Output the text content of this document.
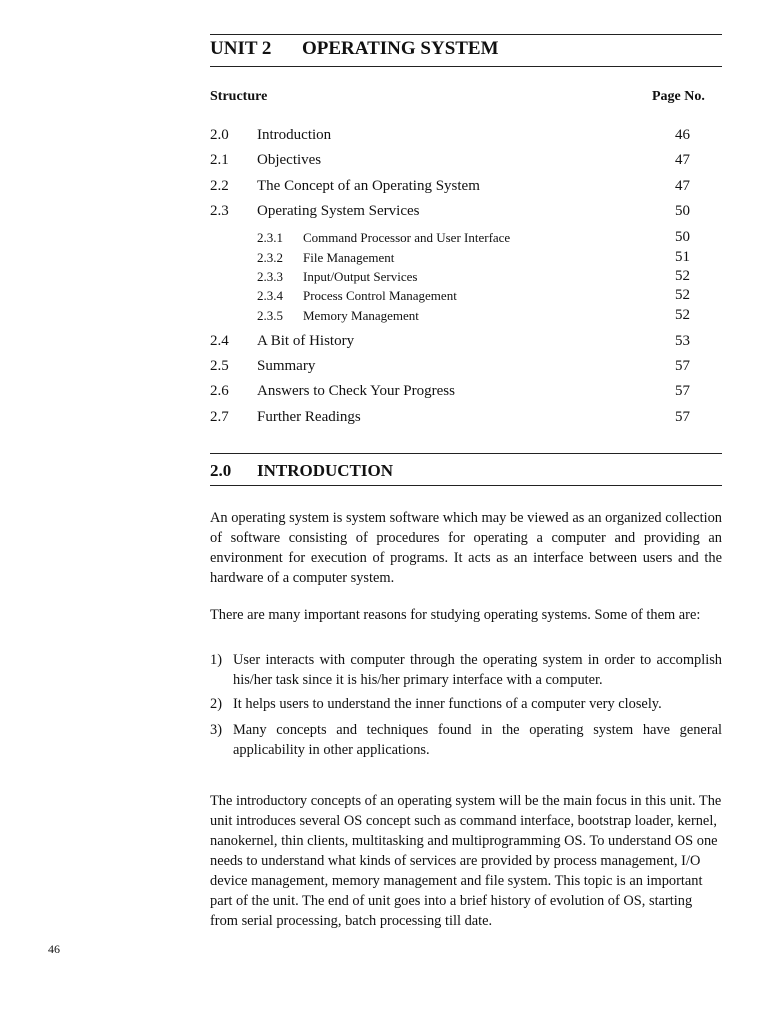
UNIT 2 OPERATING SYSTEM
Structure	Page No.
2.0 Introduction	46
2.1 Objectives	47
2.2 The Concept of an Operating System	47
2.3 Operating System Services	50
2.3.1 Command Processor and User Interface	50
2.3.2 File Management	51
2.3.3 Input/Output Services	52
2.3.4 Process Control Management	52
2.3.5 Memory Management	52
2.4 A Bit of History	53
2.5 Summary	57
2.6 Answers to Check Your Progress	57
2.7 Further Readings	57
2.0 INTRODUCTION

An operating system is system software which may be viewed as an organized collection of software consisting of procedures for operating a computer and providing an environment for execution of programs. It acts as an interface between users and the hardware of a computer system.

There are many important reasons for studying operating systems. Some of them are:

1) User interacts with computer through the operating system in order to accomplish his/her task since it is his/her primary interface with a computer.
2) It helps users to understand the inner functions of a computer very closely.
3) Many concepts and techniques found in the operating system have general applicability in other applications.

The introductory concepts of an operating system will be the main focus in this unit. The unit introduces several OS concept such as command interface, bootstrap loader, kernel, nanokernel, thin clients, multitasking and multiprogramming OS. To understand OS one needs to understand what kinds of services are provided by process management, I/O device management, memory management and file system. This topic is an important part of the unit. The end of unit goes into a brief history of evolution of OS, starting from serial processing, batch processing till date.

46
